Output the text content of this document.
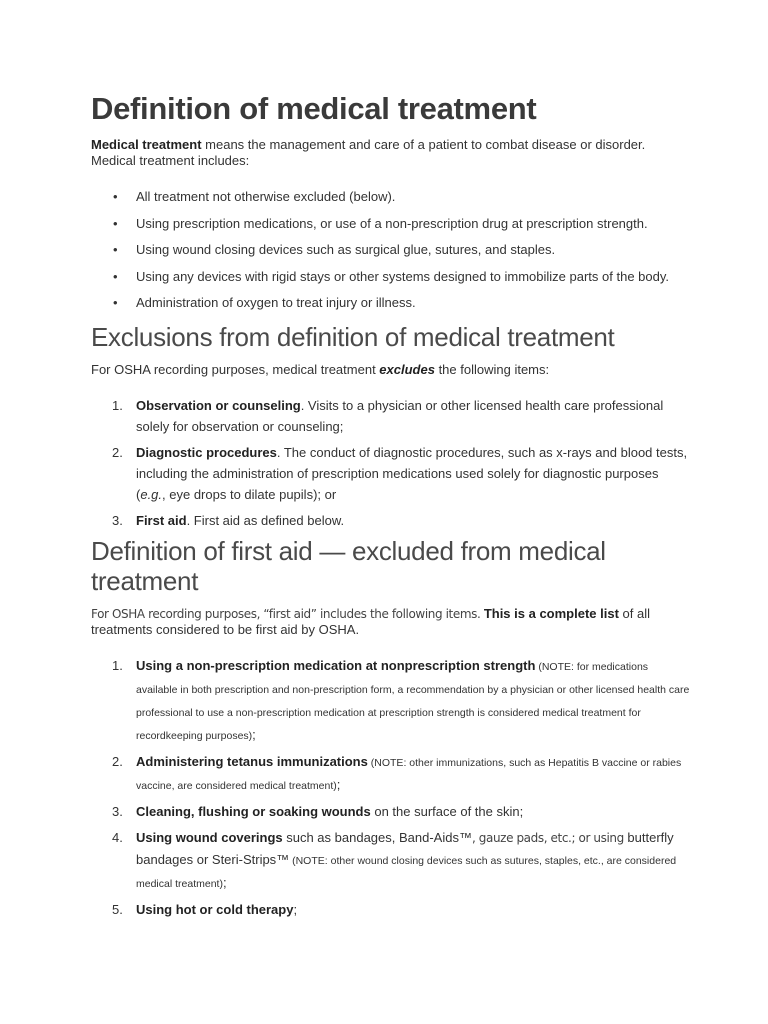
Definition of medical treatment

Medical treatment means the management and care of a patient to combat disease or disorder. Medical treatment includes:

• All treatment not otherwise excluded (below).
• Using prescription medications, or use of a non-prescription drug at prescription strength.
• Using wound closing devices such as surgical glue, sutures, and staples.
• Using any devices with rigid stays or other systems designed to immobilize parts of the body.
• Administration of oxygen to treat injury or illness.
Exclusions from definition of medical treatment

For OSHA recording purposes, medical treatment excludes the following items:

1. Observation or counseling. Visits to a physician or other licensed health care professional solely for observation or counseling;
2. Diagnostic procedures. The conduct of diagnostic procedures, such as x-rays and blood tests, including the administration of prescription medications used solely for diagnostic purposes (e.g., eye drops to dilate pupils); or
3. First aid. First aid as defined below.
Definition of first aid — excluded from medical treatment

For OSHA recording purposes, “first aid” includes the following items. This is a complete list of all treatments considered to be first aid by OSHA.

1. Using a non-prescription medication at nonprescription strength (NOTE: for medications available in both prescription and non-prescription form, a recommendation by a physician or other licensed health care professional to use a non-prescription medication at prescription strength is considered medical treatment for recordkeeping purposes);
2. Administering tetanus immunizations (NOTE: other immunizations, such as Hepatitis B vaccine or rabies vaccine, are considered medical treatment);
3. Cleaning, flushing or soaking wounds on the surface of the skin;
4. Using wound coverings such as bandages, Band-Aids™, gauze pads, etc.; or using butterfly bandages or Steri-Strips™ (NOTE: other wound closing devices such as sutures, staples, etc., are considered medical treatment);
5. Using hot or cold therapy;
